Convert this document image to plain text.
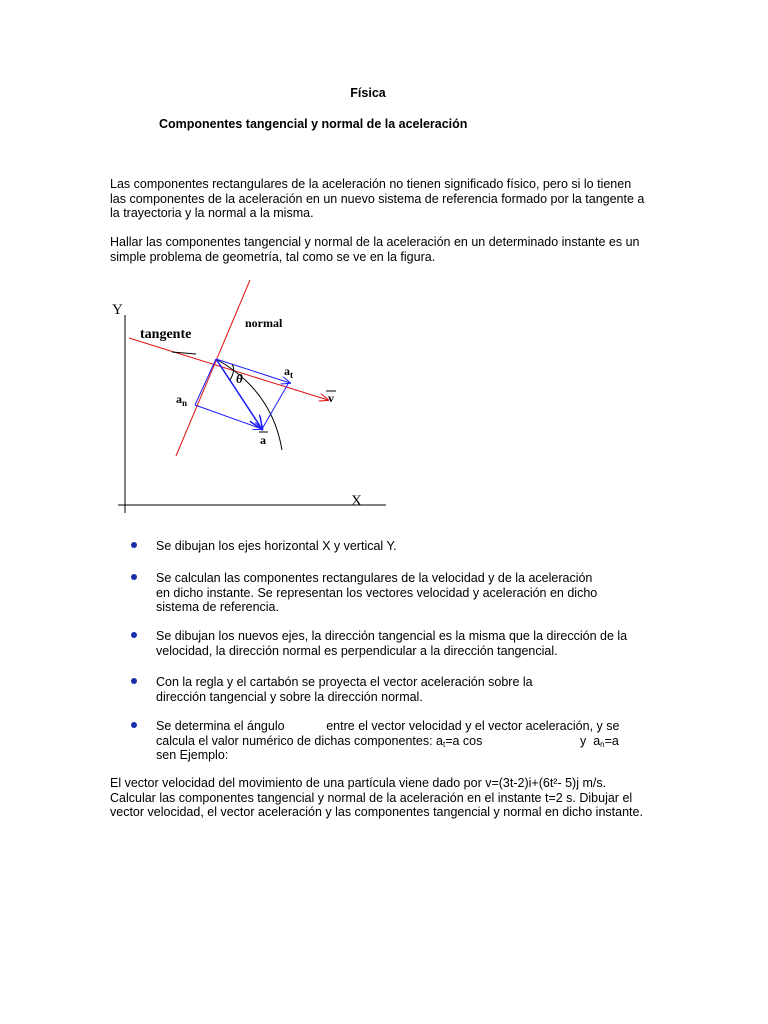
Física
Componentes tangencial y normal de la aceleración
Las componentes rectangulares de la aceleración no tienen significado físico, pero si lo tienen
las componentes de la aceleración en un nuevo sistema de referencia formado por la tangente a
la trayectoria y la normal a la misma.
Hallar las componentes tangencial y normal de la aceleración en un determinado instante es un
simple problema de geometría, tal como se ve en la figura.
Y
X
tangente
normal
θ	$a_t$
$a_n$	v
a
Se dibujan los ejes horizontal X y vertical Y.
Se calculan las componentes rectangulares de la velocidad y de la aceleración
en dicho instante. Se representan los vectores velocidad y aceleración en dicho
sistema de referencia.
Se dibujan los nuevos ejes, la dirección tangencial es la misma que la dirección de la
velocidad, la dirección normal es perpendicular a la dirección tangencial.
Con la regla y el cartabón se proyecta el vector aceleración sobre la
dirección tangencial y sobre la dirección normal.
Se determina el ángulo            entre el vector velocidad y el vector aceleración, y se
calcula el valor numérico de dichas componentes: $a_t=a$ cos	y  $a_n=a$
sen Ejemplo:
El vector velocidad del movimiento de una partícula viene dado por v=(3t-2)i+(6t²- 5)j m/s.
Calcular las componentes tangencial y normal de la aceleración en el instante t=2 s. Dibujar el
vector velocidad, el vector aceleración y las componentes tangencial y normal en dicho instante.
